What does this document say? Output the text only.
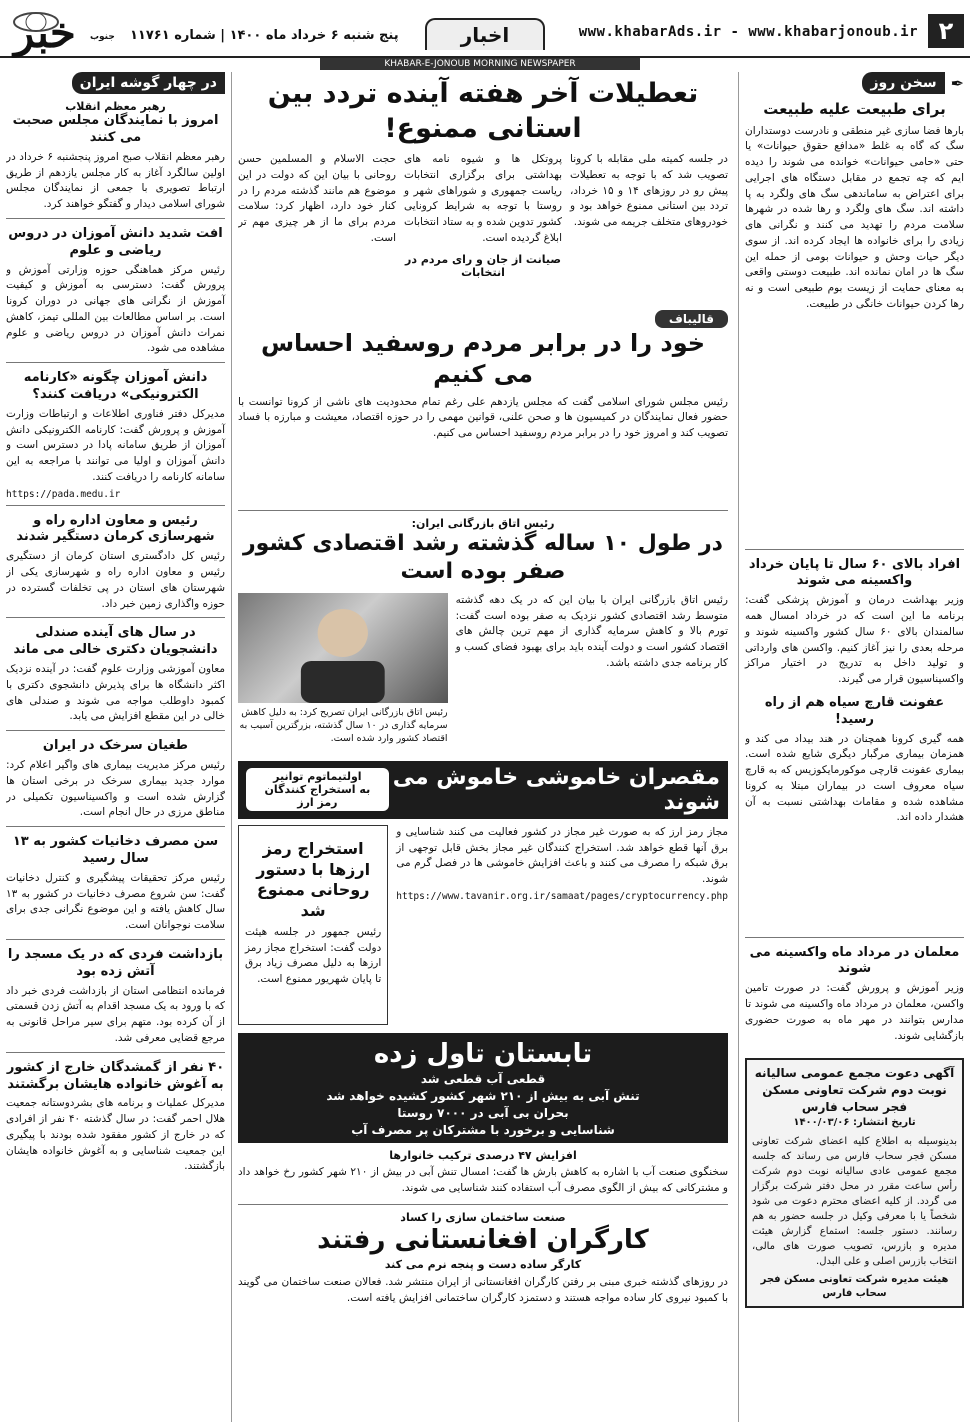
۲
www.khabarAds.ir - www.khabarjonoub.ir
اخبار
پنج شنبه ۶ خرداد ماه ۱۴۰۰ | شماره ۱۱۷۶۱
خبر جنوب
KHABAR-E-JONOUB MORNING NEWSPAPER
✒
سخن روز
برای طبیعت علیه طبیعت

بارها فضا سازی غیر منطقی و نادرست دوستداران سگ که گاه به غلط «مدافع حقوق حیوانات» یا حتی «حامی حیوانات» خوانده می شوند را دیده ایم که چه تجمع در مقابل دستگاه های اجرایی برای اعتراض به ساماندهی سگ های ولگرد به پا داشته اند. سگ های ولگرد و رها شده در شهرها سلامت مردم را تهدید می کنند و نگرانی های زیادی را برای خانواده ها ایجاد کرده اند. از سوی دیگر حیات وحش و حیوانات بومی از حمله این سگ ها در امان نمانده اند. طبیعت دوستی واقعی به معنای حمایت از زیست بوم طبیعی است و نه رها کردن حیوانات خانگی در طبیعت.

افراد بالای ۶۰ سال تا پایان خرداد واکسینه می شوند

وزیر بهداشت درمان و آموزش پزشکی گفت: برنامه ما این است که در خرداد امسال همه سالمندان بالای ۶۰ سال کشور واکسینه شوند و مرحله بعدی را نیز آغاز کنیم. واکسن های وارداتی و تولید داخل به تدریج در اختیار مراکز واکسیناسیون قرار می گیرند.

عفونت قارچ سیاه هم از راه رسید!

همه گیری کرونا همچنان در هند بیداد می کند و همزمان بیماری مرگبار دیگری شایع شده است. بیماری عفونت قارچی موکورمایکوزیس که به قارچ سیاه معروف است در بیماران مبتلا به کرونا مشاهده شده و مقامات بهداشتی نسبت به آن هشدار داده اند.

معلمان در مرداد ماه واکسینه می شوند

وزیر آموزش و پرورش گفت: در صورت تامین واکسن، معلمان در مرداد ماه واکسینه می شوند تا مدارس بتوانند در مهر ماه به صورت حضوری بازگشایی شوند.

آگهی دعوت مجمع عمومی سالیانه نوبت دوم شرکت تعاونی مسکن فجر سحاب فارس
تاریخ انتشار: ۱۴۰۰/۰۳/۰۶
بدینوسیله به اطلاع کلیه اعضای شرکت تعاونی مسکن فجر سحاب فارس می رساند که جلسه مجمع عمومی عادی سالیانه نوبت دوم شرکت رأس ساعت مقرر در محل دفتر شرکت برگزار می گردد. از کلیه اعضای محترم دعوت می شود شخصاً یا با معرفی وکیل در جلسه حضور به هم رسانند. دستور جلسه: استماع گزارش هیئت مدیره و بازرس، تصویب صورت های مالی، انتخاب بازرس اصلی و علی البدل.
هیئت مدیره شرکت تعاونی مسکن فجر سحاب فارس
در چهار گوشه ایران
رهبر معظم انقلاب
امروز با نمایندگان مجلس صحبت می کنند

رهبر معظم انقلاب صبح امروز پنجشنبه ۶ خرداد در اولین سالگرد آغاز به کار مجلس یازدهم از طریق ارتباط تصویری با جمعی از نمایندگان مجلس شورای اسلامی دیدار و گفتگو خواهند کرد.

افت شدید دانش آموزان در دروس ریاضی و علوم

رئیس مرکز هماهنگی حوزه وزارتی آموزش و پرورش گفت: دسترسی به آموزش و کیفیت آموزش از نگرانی های جهانی در دوران کرونا است. بر اساس مطالعات بین المللی تیمز، کاهش نمرات دانش آموزان در دروس ریاضی و علوم مشاهده می شود.

دانش آموزان چگونه «کارنامه الکترونیکی» دریافت کنند؟

مدیرکل دفتر فناوری اطلاعات و ارتباطات وزارت آموزش و پرورش گفت: کارنامه الکترونیکی دانش آموزان از طریق سامانه پادا در دسترس است و دانش آموزان و اولیا می توانند با مراجعه به این سامانه کارنامه را دریافت کنند.

https://pada.medu.ir
رئیس و معاون اداره راه و شهرسازی کرمان دستگیر شدند

رئیس کل دادگستری استان کرمان از دستگیری رئیس و معاون اداره راه و شهرسازی یکی از شهرستان های استان در پی تخلفات گسترده در حوزه واگذاری زمین خبر داد.

در سال های آینده صندلی دانشجویان دکتری خالی می ماند

معاون آموزشی وزارت علوم گفت: در آینده نزدیک اکثر دانشگاه ها برای پذیرش دانشجوی دکتری با کمبود داوطلب مواجه می شوند و صندلی های خالی در این مقطع افزایش می یابد.

طغیان سرخک در ایران

رئیس مرکز مدیریت بیماری های واگیر اعلام کرد: موارد جدید بیماری سرخک در برخی استان ها گزارش شده است و واکسیناسیون تکمیلی در مناطق مرزی در حال انجام است.

سن مصرف دخانیات کشور به ۱۳ سال رسید

رئیس مرکز تحقیقات پیشگیری و کنترل دخانیات گفت: سن شروع مصرف دخانیات در کشور به ۱۳ سال کاهش یافته و این موضوع نگرانی جدی برای سلامت نوجوانان است.

بازداشت فردی که در یک مسجد را آتش زده بود

فرمانده انتظامی استان از بازداشت فردی خبر داد که با ورود به یک مسجد اقدام به آتش زدن قسمتی از آن کرده بود. متهم برای سیر مراحل قانونی به مرجع قضایی معرفی شد.

۴۰ نفر از گمشدگان خارج از کشور به آغوش خانواده هایشان برگشتند

مدیرکل عملیات و برنامه های بشردوستانه جمعیت هلال احمر گفت: در سال گذشته ۴۰ نفر از افرادی که در خارج از کشور مفقود شده بودند با پیگیری این جمعیت شناسایی و به آغوش خانواده هایشان بازگشتند.

تعطیلات آخر هفته آینده تردد بین استانی ممنوع!

در جلسه کمیته ملی مقابله با کرونا تصویب شد که با توجه به تعطیلات پیش رو در روزهای ۱۴ و ۱۵ خرداد، تردد بین استانی ممنوع خواهد بود و خودروهای متخلف جریمه می شوند.

پروتکل ها و شیوه نامه های بهداشتی برای برگزاری انتخابات ریاست جمهوری و شوراهای شهر و روستا با توجه به شرایط کرونایی کشور تدوین شده و به ستاد انتخابات ابلاغ گردیده است.

صیانت از جان و رای مردم در انتخابات

حجت الاسلام و المسلمین حسن روحانی با بیان این که دولت در این موضوع هم مانند گذشته مردم را در کنار خود دارد، اظهار کرد: سلامت مردم برای ما از هر چیزی مهم تر است.

قالیباف
خود را در برابر مردم روسفید احساس می کنیم

رئیس مجلس شورای اسلامی گفت که مجلس یازدهم علی رغم تمام محدودیت های ناشی از کرونا توانست با حضور فعال نمایندگان در کمیسیون ها و صحن علنی، قوانین مهمی را در حوزه اقتصاد، معیشت و مبارزه با فساد تصویب کند و امروز خود را در برابر مردم روسفید احساس می کنیم.

رئیس اتاق بازرگانی ایران:
در طول ۱۰ ساله گذشته رشد اقتصادی کشور صفر بوده است

رئیس اتاق بازرگانی ایران با بیان این که در یک دهه گذشته متوسط رشد اقتصادی کشور نزدیک به صفر بوده است گفت: تورم بالا و کاهش سرمایه گذاری از مهم ترین چالش های اقتصاد کشور است و دولت آینده باید برای بهبود فضای کسب و کار برنامه جدی داشته باشد.

رئیس اتاق بازرگانی ایران تصریح کرد: به دلیل کاهش سرمایه گذاری در ۱۰ سال گذشته، بزرگترین آسیب به اقتصاد کشور وارد شده است.
مقصران خاموشی خاموش می شوند
اولتیماتوم توانیر
به استخراج کنندگان رمز ارز

مجاز رمز ارز که به صورت غیر مجاز در کشور فعالیت می کنند شناسایی و برق آنها قطع خواهد شد. استخراج کنندگان غیر مجاز بخش قابل توجهی از برق شبکه را مصرف می کنند و باعث افزایش خاموشی ها در فصل گرم می شوند.

https://www.tavanir.org.ir/samaat/pages/cryptocurrency.php
استخراج رمز ارزها با دستور روحانی ممنوع شد

رئیس جمهور در جلسه هیئت دولت گفت: استخراج مجاز رمز ارزها به دلیل مصرف زیاد برق تا پایان شهریور ممنوع است.

تابستان تاول زده
قطعی آب قطعی شد
تنش آبی به بیش از ۲۱۰ شهر کشور کشیده خواهد شد
بحران بی آبی در ۷۰۰۰ روستا
شناسایی و برخورد با مشترکان پر مصرف آب
افزایش ۴۷ درصدی ترکیب خانوارها

سخنگوی صنعت آب با اشاره به کاهش بارش ها گفت: امسال تنش آبی در بیش از ۲۱۰ شهر کشور رخ خواهد داد و مشترکانی که بیش از الگوی مصرف آب استفاده کنند شناسایی می شوند.

صنعت ساختمان سازی را کساد
کارگران افغانستانی رفتند
کارگر ساده دست و پنجه نرم می کند

در روزهای گذشته خبری مبنی بر رفتن کارگران افغانستانی از ایران منتشر شد. فعالان صنعت ساختمان می گویند با کمبود نیروی کار ساده مواجه هستند و دستمزد کارگران ساختمانی افزایش یافته است.
